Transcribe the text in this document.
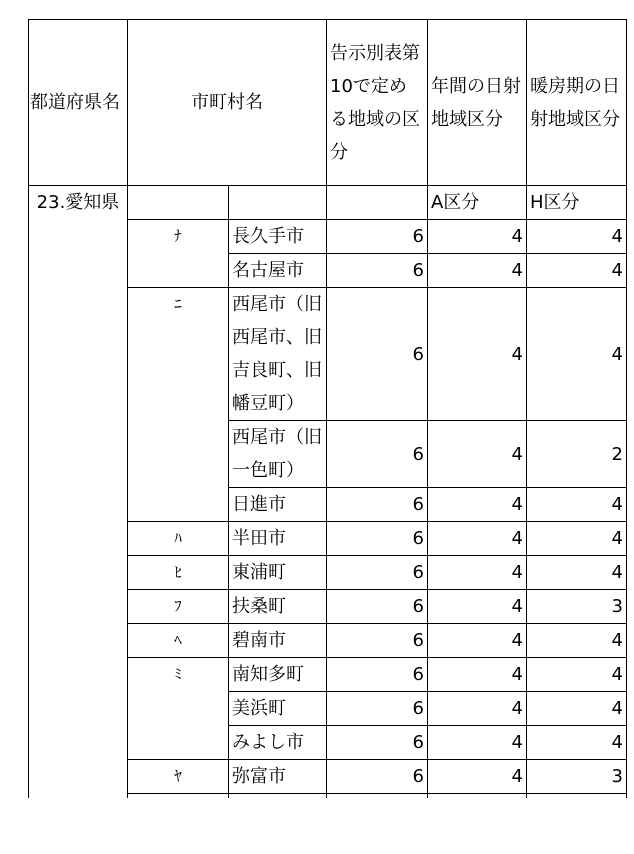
都道府県名	市町村名		告示別表第10で定める地域の区分	年間の日射地域区分	暖房期の日射地域区分
23.愛知県				A区分	H区分
	ﾅ	長久手市	6	4	4
		名古屋市	6	4	4
	ﾆ	西尾市（旧西尾市、旧吉良町、旧幡豆町）	6	4	4
		西尾市（旧一色町）	6	4	2
		日進市	6	4	4
	ﾊ	半田市	6	4	4
	ﾋ	東浦町	6	4	4
	ﾌ	扶桑町	6	4	3
	ﾍ	碧南市	6	4	4
	ﾐ	南知多町	6	4	4
		美浜町	6	4	4
		みよし市	6	4	4
	ﾔ	弥富市	6	4	3
